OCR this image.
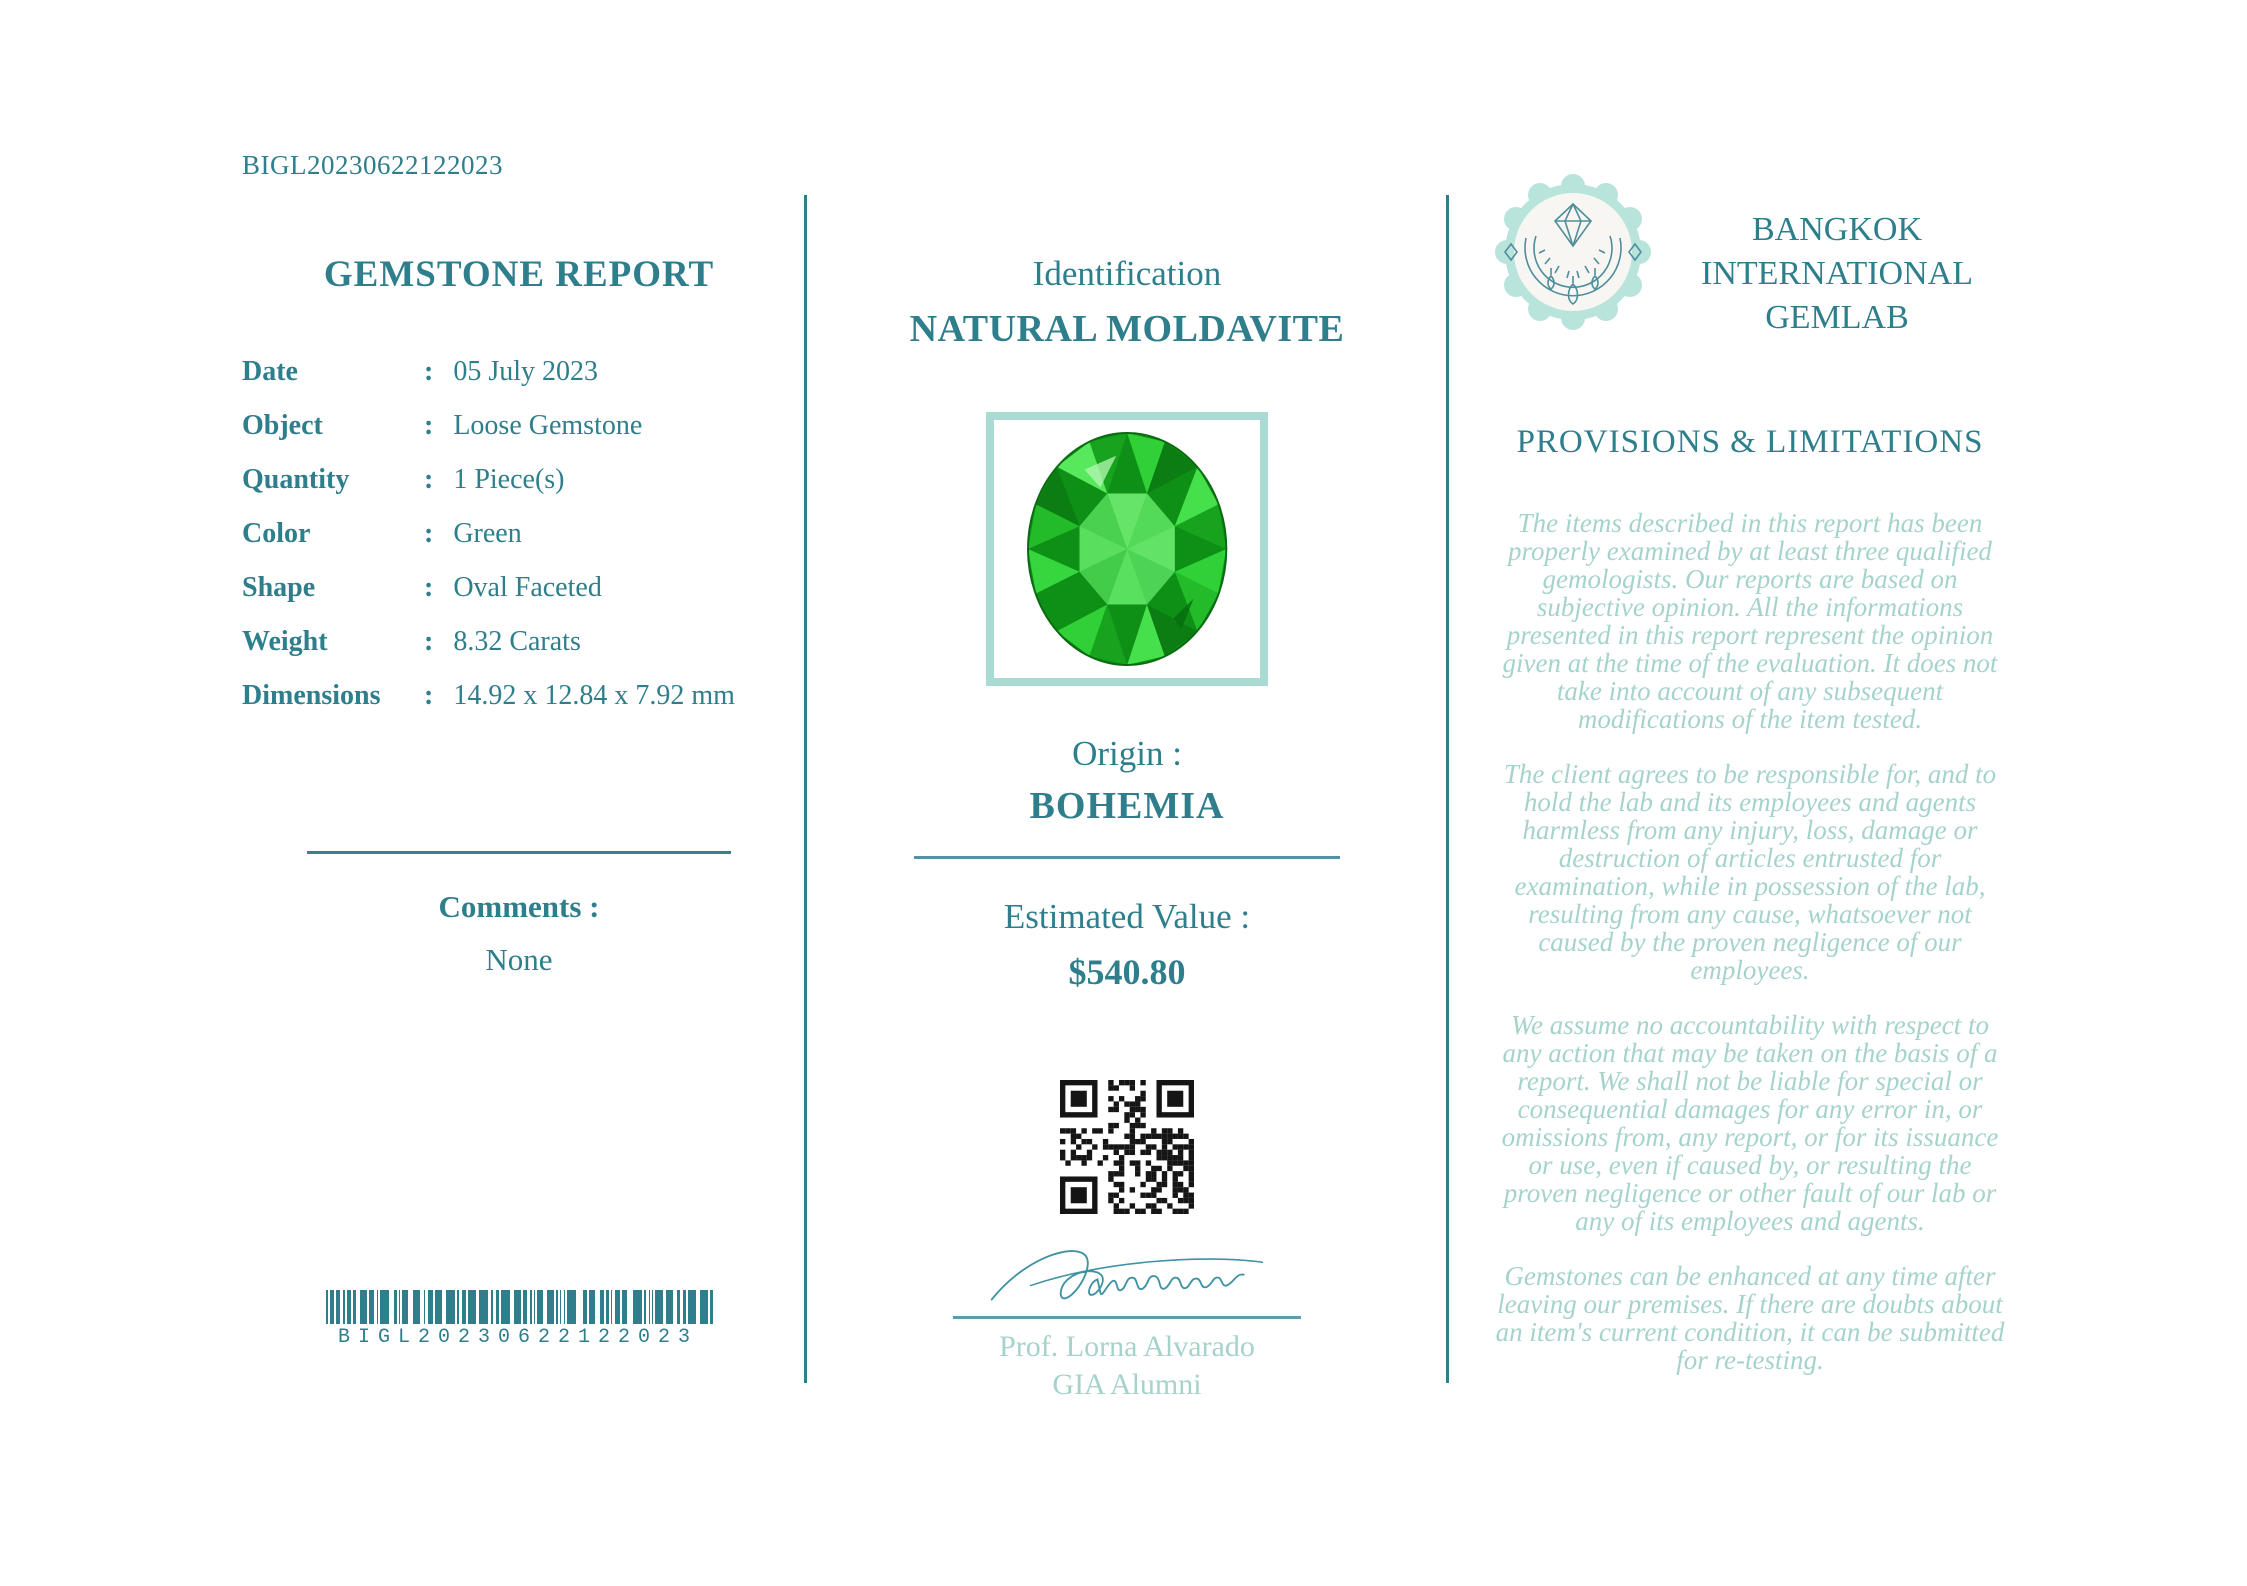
BIGL20230622122023
GEMSTONE REPORT
Date	: 05 July 2023
Object	: Loose Gemstone
Quantity	: 1 Piece(s)
Color	: Green
Shape	: Oval Faceted
Weight	: 8.32 Carats
Dimensions	: 14.92 x 12.84 x 7.92 mm
Comments :
None
BIGL20230622122023
Identification
NATURAL MOLDAVITE
Origin :
BOHEMIA
Estimated Value :
$540.80
Prof. Lorna Alvarado
GIA Alumni
BANGKOK INTERNATIONAL GEMLAB
PROVISIONS & LIMITATIONS

The items described in this report has been properly examined by at least three qualified gemologists. Our reports are based on subjective opinion. All the informations presented in this report represent the opinion given at the time of the evaluation. It does not take into account of any subsequent modifications of the item tested.

The client agrees to be responsible for, and to hold the lab and its employees and agents harmless from any injury, loss, damage or destruction of articles entrusted for examination, while in possession of the lab, resulting from any cause, whatsoever not caused by the proven negligence of our employees.

We assume no accountability with respect to any action that may be taken on the basis of a report. We shall not be liable for special or consequential damages for any error in, or omissions from, any report, or for its issuance or use, even if caused by, or resulting the proven negligence or other fault of our lab or any of its employees and agents.

Gemstones can be enhanced at any time after leaving our premises. If there are doubts about an item's current condition, it can be submitted for re-testing.
